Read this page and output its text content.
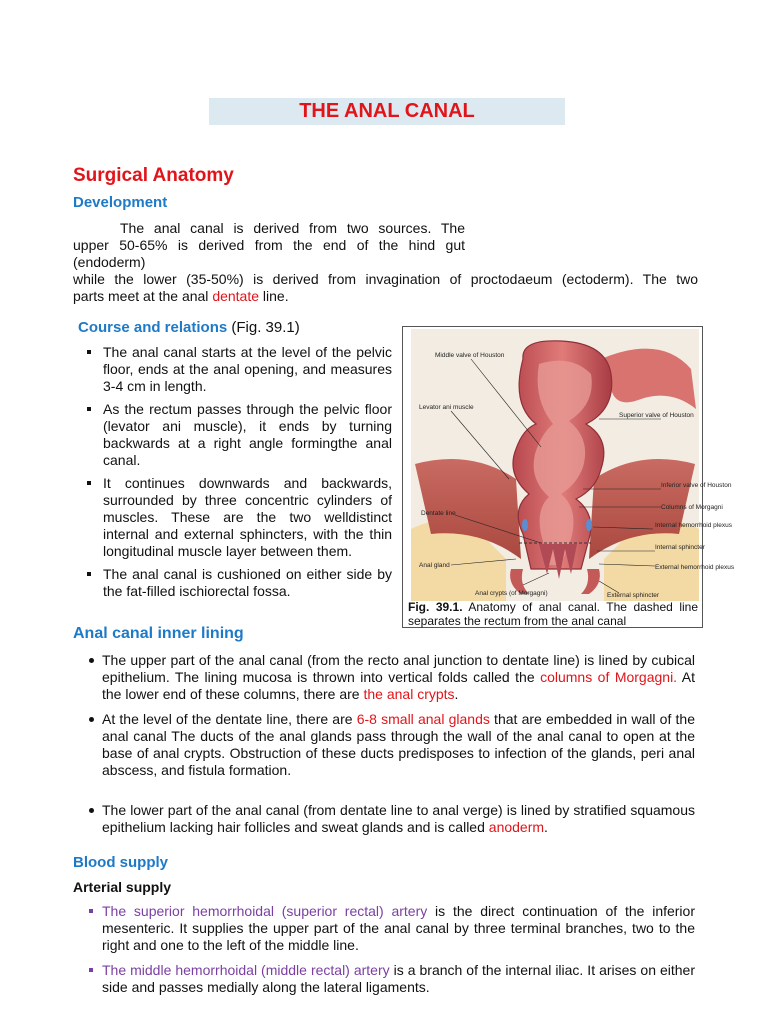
THE ANAL CANAL
Surgical Anatomy
Development
The anal canal is derived from two sources. The
upper 50-65% is derived from the end of the hind gut
(endoderm)
while the lower (35-50%) is derived from invagination of proctodaeum (ectoderm). The two
parts meet at the anal dentate line.
Course and relations (Fig. 39.1)
The anal canal starts at the level of the pelvic floor, ends at the anal opening, and measures 3-4 cm in length.
As the rectum passes through the pelvic floor (levator ani muscle), it ends by turning backwards at a right angle formingthe anal canal.
It continues downwards and backwards, surrounded by three concentric cylinders of muscles. These are the two welldistinct internal and external sphincters, with the thin longitudinal muscle layer between them.
The anal canal is cushioned on either side by the fat-filled ischiorectal fossa.
Middle valve of Houston
Levator ani muscle
Superior valve of Houston
Inferior valve of Houston
Columns of Morgagni
Dentate line
Internal hemorrhoid plexus
Internal sphincter
External hemorrhoid plexus
Anal gland
Anal crypts (of Morgagni)	External sphincter
Fig. 39.1. Anatomy of anal canal. The dashed line separates the rectum from the anal canal
Anal canal inner lining
The upper part of the anal canal (from the recto anal junction to dentate line) is lined by cubical epithelium. The lining mucosa is thrown into vertical folds called the columns of Morgagni. At the lower end of these columns, there are the anal crypts.
At the level of the dentate line, there are 6-8 small anal glands that are embedded in wall of the anal canal The ducts of the anal glands pass through the wall of the anal canal to open at the base of anal crypts. Obstruction of these ducts predisposes to infection of the glands, peri anal abscess, and fistula formation.
The lower part of the anal canal (from dentate line to anal verge) is lined by stratified squamous epithelium lacking hair follicles and sweat glands and is called anoderm.
Blood supply
Arterial supply
The superior hemorrhoidal (superior rectal) artery is the direct continuation of the inferior mesenteric. It supplies the upper part of the anal canal by three terminal branches, two to the right and one to the left of the middle line.
The middle hemorrhoidal (middle rectal) artery is a branch of the internal iliac. It arises on either side and passes medially along the lateral ligaments.
